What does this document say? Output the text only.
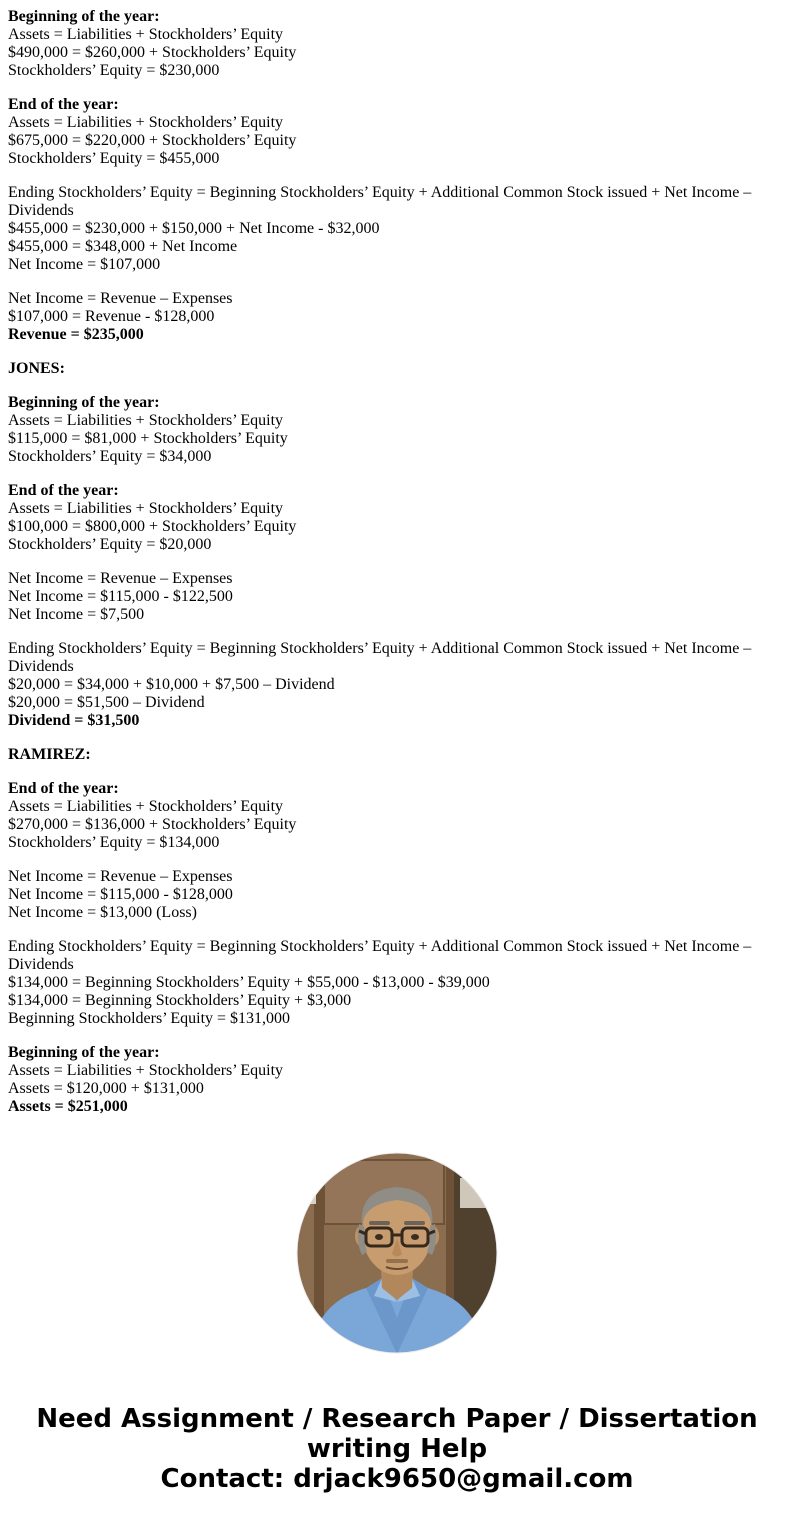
Beginning of the year:
Assets = Liabilities + Stockholders’ Equity
$490,000 = $260,000 + Stockholders’ Equity
Stockholders’ Equity = $230,000
End of the year:
Assets = Liabilities + Stockholders’ Equity
$675,000 = $220,000 + Stockholders’ Equity
Stockholders’ Equity = $455,000
Ending Stockholders’ Equity = Beginning Stockholders’ Equity + Additional Common Stock issued + Net Income – Dividends
$455,000 = $230,000 + $150,000 + Net Income - $32,000
$455,000 = $348,000 + Net Income
Net Income = $107,000
Net Income = Revenue – Expenses
$107,000 = Revenue - $128,000
Revenue = $235,000
JONES:
Beginning of the year:
Assets = Liabilities + Stockholders’ Equity
$115,000 = $81,000 + Stockholders’ Equity
Stockholders’ Equity = $34,000
End of the year:
Assets = Liabilities + Stockholders’ Equity
$100,000 = $800,000 + Stockholders’ Equity
Stockholders’ Equity = $20,000
Net Income = Revenue – Expenses
Net Income = $115,000 - $122,500
Net Income = $7,500
Ending Stockholders’ Equity = Beginning Stockholders’ Equity + Additional Common Stock issued + Net Income – Dividends
$20,000 = $34,000 + $10,000 + $7,500 – Dividend
$20,000 = $51,500 – Dividend
Dividend = $31,500
RAMIREZ:
End of the year:
Assets = Liabilities + Stockholders’ Equity
$270,000 = $136,000 + Stockholders’ Equity
Stockholders’ Equity = $134,000
Net Income = Revenue – Expenses
Net Income = $115,000 - $128,000
Net Income = $13,000 (Loss)
Ending Stockholders’ Equity = Beginning Stockholders’ Equity + Additional Common Stock issued + Net Income – Dividends
$134,000 = Beginning Stockholders’ Equity + $55,000 - $13,000 - $39,000
$134,000 = Beginning Stockholders’ Equity + $3,000
Beginning Stockholders’ Equity = $131,000
Beginning of the year:
Assets = Liabilities + Stockholders’ Equity
Assets = $120,000 + $131,000
Assets = $251,000
Need Assignment / Research Paper / Dissertation writing Help
Contact: drjack9650@gmail.com
